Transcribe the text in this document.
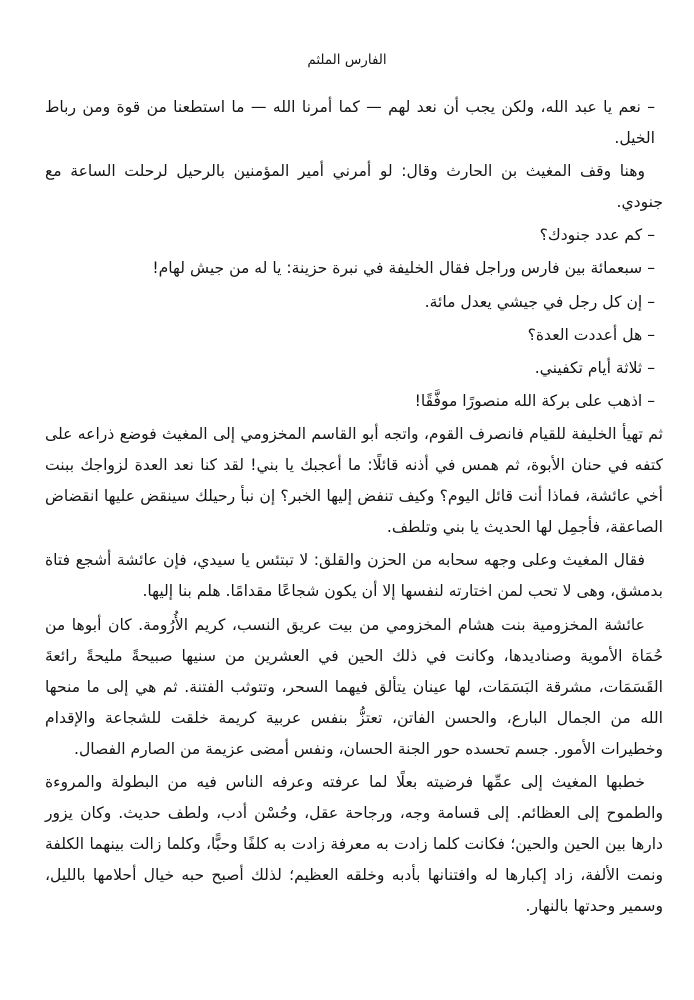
الفارس الملثم

– نعم يا عبد الله، ولكن يجب أن نعد لهم — كما أمرنا الله — ما استطعنا من قوة ومن رباط الخيل.

وهنا وقف المغيث بن الحارث وقال: لو أمرني أمير المؤمنين بالرحيل لرحلت الساعة مع جنودي.

– كم عدد جنودك؟

– سبعمائة بين فارس وراجل فقال الخليفة في نبرة حزينة: يا له من جيش لهام!

– إن كل رجل في جيشي يعدل مائة.

– هل أعددت العدة؟

– ثلاثة أيام تكفيني.

– اذهب على بركة الله منصورًا موفَّقًا!

ثم تهيأ الخليفة للقيام فانصرف القوم، واتجه أبو القاسم المخزومي إلى المغيث فوضع ذراعه على كتفه في حنان الأبوة، ثم همس في أذنه قائلًا: ما أعجبك يا بني! لقد كنا نعد العدة لزواجك ببنت أخي عائشة، فماذا أنت قائل اليوم؟ وكيف تنفض إليها الخبر؟ إن نبأ رحيلك سينقض عليها انقضاض الصاعقة، فأجمِل لها الحديث يا بني وتلطف.

فقال المغيث وعلى وجهه سحابه من الحزن والقلق: لا تبتئس يا سيدي، فإن عائشة أشجع فتاة بدمشق، وهى لا تحب لمن اختارته لنفسها إلا أن يكون شجاعًا مقدامًا. هلم بنا إليها.

عائشة المخزومية بنت هشام المخزومي من بيت عريق النسب، كريم الأُرُومة. كان أبوها من حُمَاة الأموية وصناديدها، وكانت في ذلك الحين في العشرين من سنيها صبيحةً مليحةً رائعةَ القَسَمَات، مشرقة البَسَمَات، لها عينان يتألق فيهما السحر، وتتوثب الفتنة. ثم هي إلى ما منحها الله من الجمال البارع، والحسن الفاتن، تعتزُّ بنفس عربية كريمة خلقت للشجاعة والإقدام وخطيرات الأمور. جسم تحسده حور الجنة الحسان، ونفس أمضى عزيمة من الصارم الفصال.

خطبها المغيث إلى عمِّها فرضيته بعلًا لما عرفته وعرفه الناس فيه من البطولة والمروءة والطموح إلى العظائم. إلى قسامة وجه، ورجاحة عقل، وحُسْن أدب، ولطف حديث. وكان يزور دارها بين الحين والحين؛ فكانت كلما زادت به معرفة زادت به كلفًا وحبًّا، وكلما زالت بينهما الكلفة ونمت الألفة، زاد إكبارها له وافتنانها بأدبه وخلقه العظيم؛ لذلك أصبح حبه خيال أحلامها بالليل، وسمير وحدتها بالنهار.
